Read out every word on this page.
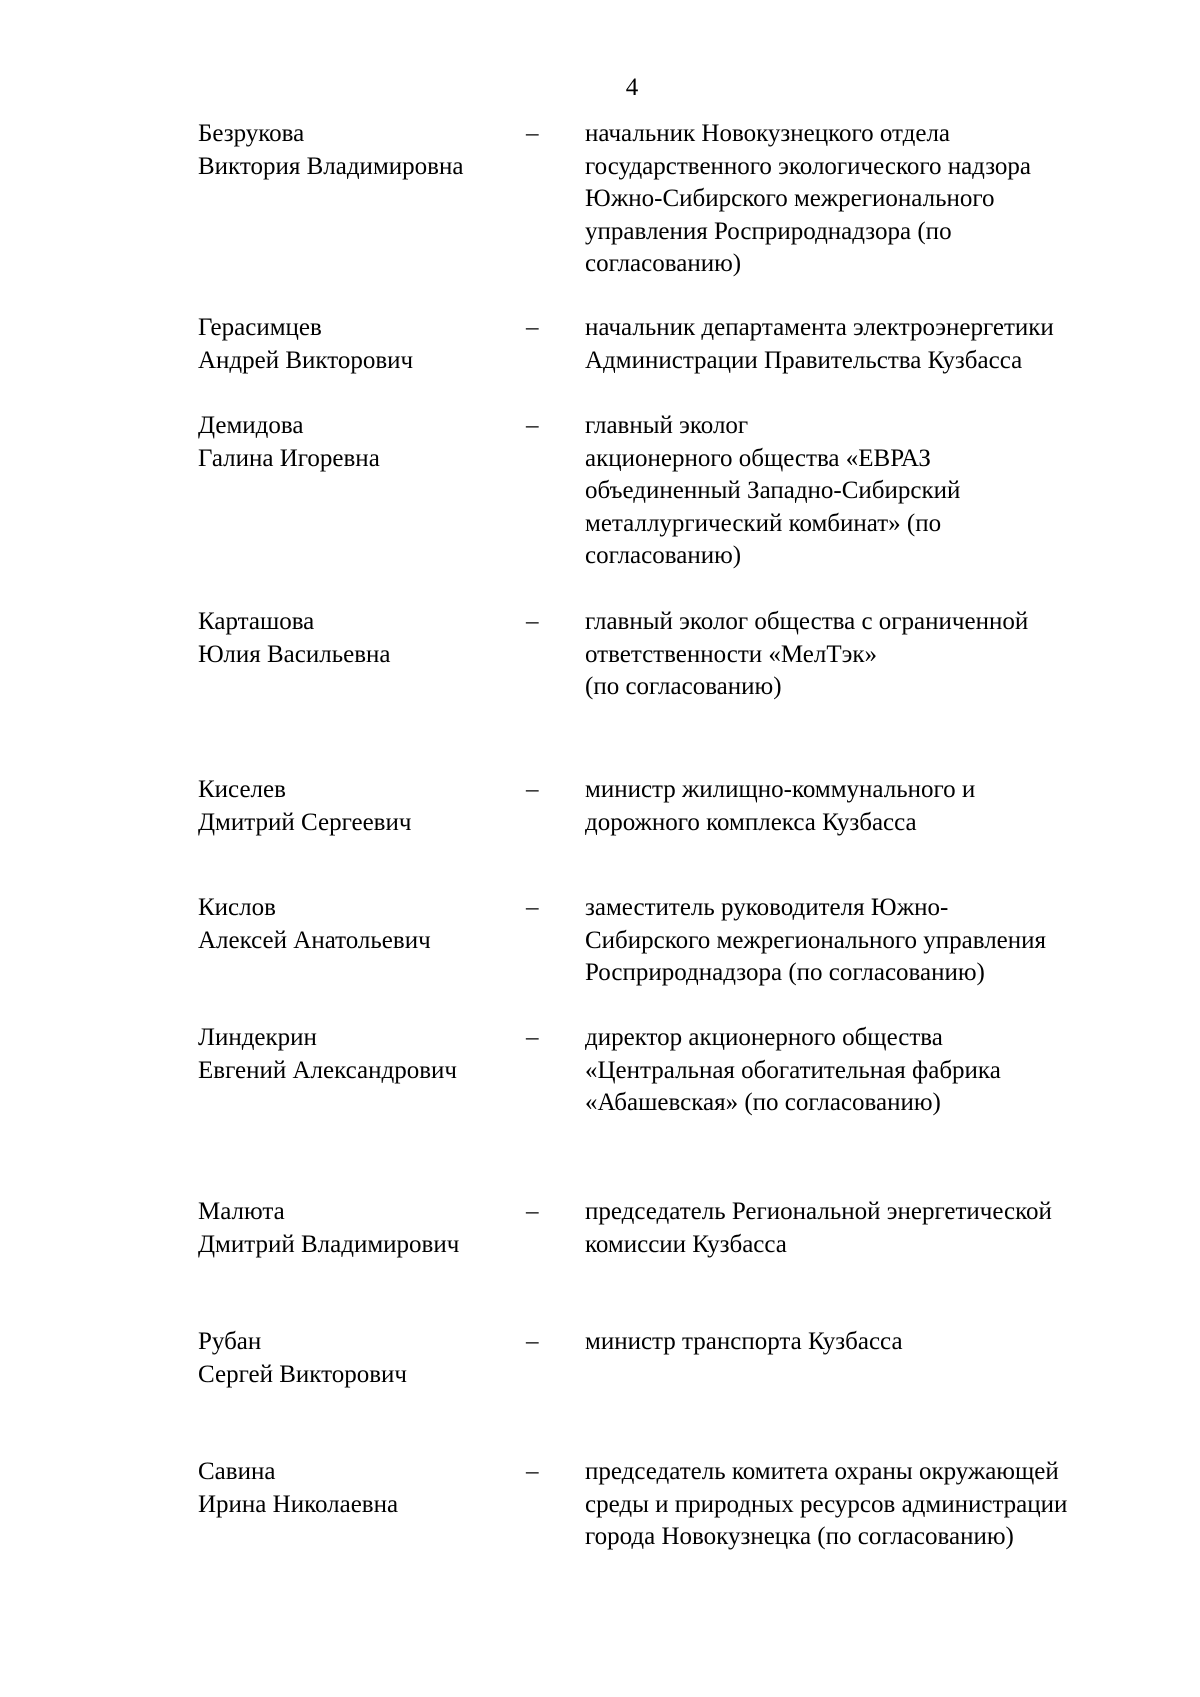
4
Безрукова
Виктория Владимировна
– начальник Новокузнецкого отдела
государственного экологического надзора
Южно-Сибирского межрегионального
управления Росприроднадзора (по
согласованию)
Герасимцев
Андрей Викторович
– начальник департамента электроэнергетики
Администрации Правительства Кузбасса
Демидова
Галина Игоревна
– главный эколог
акционерного общества «ЕВРАЗ
объединенный Западно-Сибирский
металлургический комбинат» (по
согласованию)
Карташова
Юлия Васильевна
– главный эколог общества с ограниченной
ответственности «МелТэк»
(по согласованию)
Киселев
Дмитрий Сергеевич
– министр жилищно-коммунального и
дорожного комплекса Кузбасса
Кислов
Алексей Анатольевич
– заместитель руководителя Южно-
Сибирского межрегионального управления
Росприроднадзора (по согласованию)
Линдекрин
Евгений Александрович
– директор акционерного общества
«Центральная обогатительная фабрика
«Абашевская» (по согласованию)
Малюта
Дмитрий Владимирович
– председатель Региональной энергетической
комиссии Кузбасса
Рубан
Сергей Викторович
– министр транспорта Кузбасса
Савина
Ирина Николаевна
– председатель комитета охраны окружающей
среды и природных ресурсов администрации
города Новокузнецка (по согласованию)
